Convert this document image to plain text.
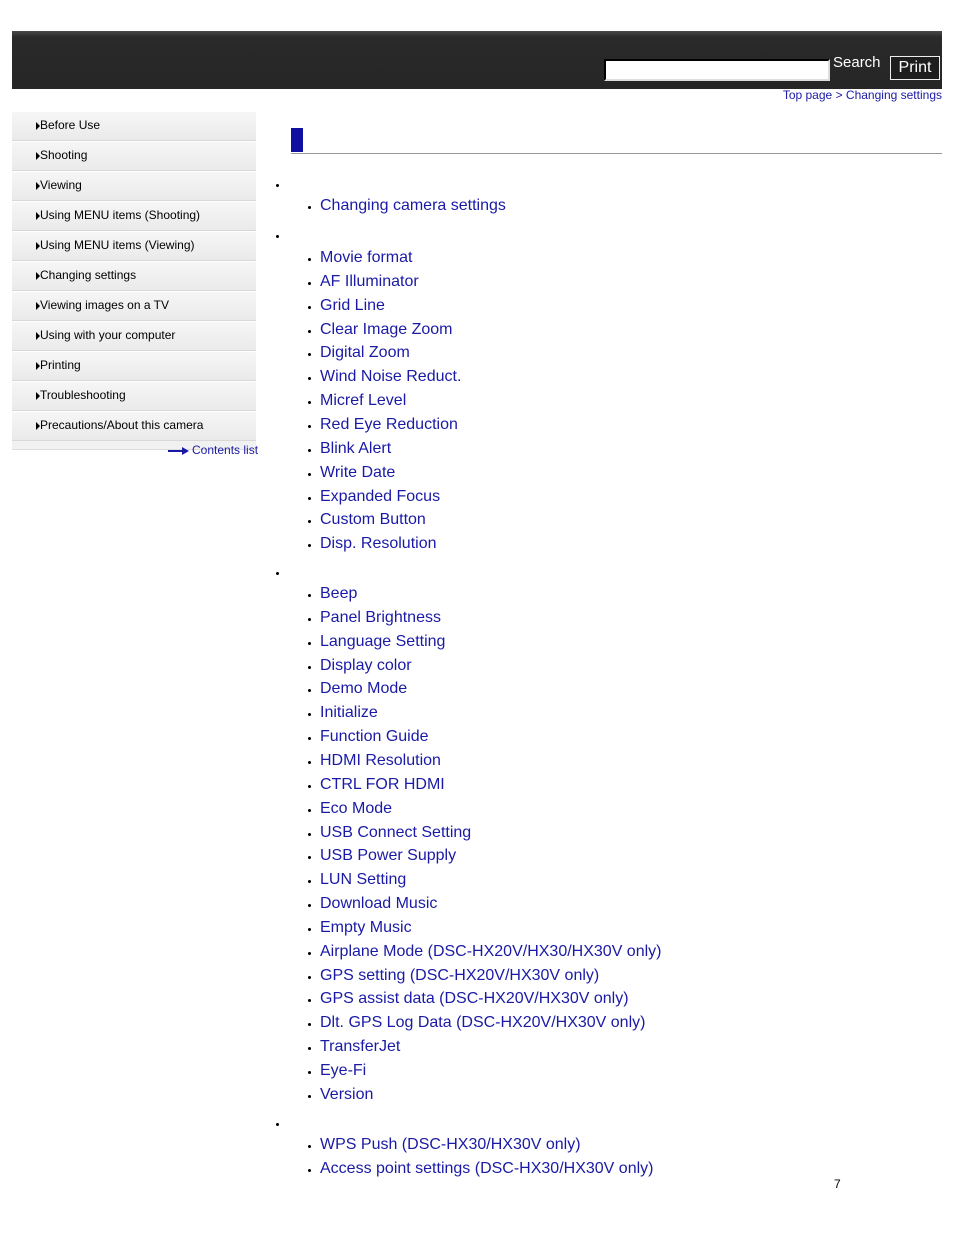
Search	Print
Top page > Changing settings
Before Use
Shooting
Viewing
Using MENU items (Shooting)
Using MENU items (Viewing)
Changing settings
Viewing images on a TV
Using with your computer
Printing
Troubleshooting
Precautions/About this camera
Contents list
Changing camera settings
Movie format
AF Illuminator
Grid Line
Clear Image Zoom
Digital Zoom
Wind Noise Reduct.
Micref Level
Red Eye Reduction
Blink Alert
Write Date
Expanded Focus
Custom Button
Disp. Resolution
Beep
Panel Brightness
Language Setting
Display color
Demo Mode
Initialize
Function Guide
HDMI Resolution
CTRL FOR HDMI
Eco Mode
USB Connect Setting
USB Power Supply
LUN Setting
Download Music
Empty Music
Airplane Mode (DSC-HX20V/HX30/HX30V only)
GPS setting (DSC-HX20V/HX30V only)
GPS assist data (DSC-HX20V/HX30V only)
Dlt. GPS Log Data (DSC-HX20V/HX30V only)
TransferJet
Eye-Fi
Version
WPS Push (DSC-HX30/HX30V only)
Access point settings (DSC-HX30/HX30V only)
7
